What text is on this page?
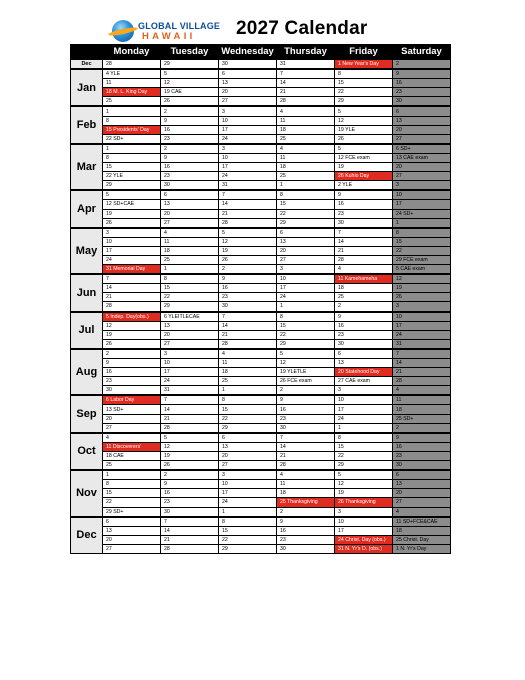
GLOBAL VILLAGE
HAWAII 2027 Calendar
	Monday	Tuesday	Wednesday	Thursday	Friday	Saturday
Dec	28	29	30	31	1 New Year's Day	2
Jan	4 YLE	5	6	7	8	9
	11	12	13	14	15	16
	18 M. L. King Day	19 CAE	20	21	22	23
	25	26	27	28	29	30
Feb	1	2	3	4	5	6
	8	9	10	11	12	13
	15 Presidents' Day	16	17	18	19 YLE	20
	22 SD+	23	24	25	26	27
Mar	1	2	3	4	5	6 SD+
	8	9	10	11	12 FCE exam	13 CAE exam
	15	16	17	18	19	20
	22 YLE	23	24	25	26 Kuhio Day	27
	29	30	31	1	2 YLE	3
Apr	5	6	7	8	9	10
	12 SD+CAE	13	14	15	16	17
	19	20	21	22	23	24 SD+
	26	27	28	29	30	1
May	3	4	5	6	7	8
	10	11	12	13	14	15
	17	18	19	20	21	22
	24	25	26	27	28	29 FCE exam
	31 Memorial Day	1	2	3	4	5 CAE exam
Jun	7	8	9	10	11 Kamehameha	12
	14	15	16	17	18	19
	21	22	23	24	25	26
	28	29	30	1	2	3
Jul	5 Indep. Day(obs.)	6 YLEITLECAE	7	8	9	10
	12	13	14	15	16	17
	19	20	21	22	23	24
	26	27	28	29	30	31
Aug	2	3	4	5	6	7
	9	10	11	12	13	14
	16	17	18	19 YLETLE	20 Statehood Day	21
	23	24	25	26 FCE exam	27 CAE exam	28
	30	31	1	2	3	4
Sep	6 Labor Day	7	8	9	10	11
	13 SD+	14	15	16	17	18
	20	21	22	23	24	25 SD+
	27	28	29	30	1	2
Oct	4	5	6	7	8	9
	11 Discoverers'	12	13	14	15	16
	18 CAE	19	20	21	22	23
	25	26	27	28	29	30
Nov	1	2	3	4	5	6
	8	9	10	11	12	13
	15	16	17	18	19	20
	22	23	24	25 Thanksgiving	26 Thanksgiving	27
	29 SD+	30	1	2	3	4
Dec	6	7	8	9	10	11 SD+FCE&CAE
	13	14	15	16	17	18
	20	21	22	23	24 Christ. Day (obs.)	25 Christ. Day
	27	28	29	30	31 N. Yr's D. (obs.)	1 N. Yr's Day
